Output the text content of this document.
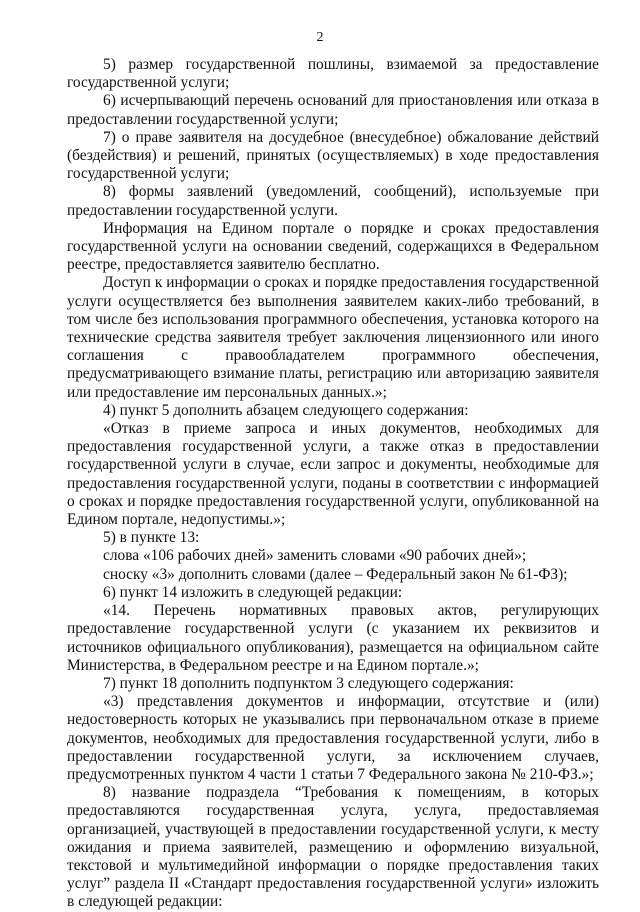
2

5) размер государственной пошлины, взимаемой за предоставление государственной услуги;

6) исчерпывающий перечень оснований для приостановления или отказа в предоставлении государственной услуги;

7) о праве заявителя на досудебное (внесудебное) обжалование действий (бездействия) и решений, принятых (осуществляемых) в ходе предоставления государственной услуги;

8) формы заявлений (уведомлений, сообщений), используемые при предоставлении государственной услуги.

Информация на Едином портале о порядке и сроках предоставления государственной услуги на основании сведений, содержащихся в Федеральном реестре, предоставляется заявителю бесплатно.

Доступ к информации о сроках и порядке предоставления государственной услуги осуществляется без выполнения заявителем каких-либо требований, в том числе без использования программного обеспечения, установка которого на технические средства заявителя требует заключения лицензионного или иного соглашения с правообладателем программного обеспечения, предусматривающего взимание платы, регистрацию или авторизацию заявителя или предоставление им персональных данных.»;

4) пункт 5 дополнить абзацем следующего содержания:

«Отказ в приеме запроса и иных документов, необходимых для предоставления государственной услуги, а также отказ в предоставлении государственной услуги в случае, если запрос и документы, необходимые для предоставления государственной услуги, поданы в соответствии с информацией о сроках и порядке предоставления государственной услуги, опубликованной на Едином портале, недопустимы.»;

5) в пункте 13:

слова «106 рабочих дней» заменить словами «90 рабочих дней»;

сноску «3» дополнить словами (далее – Федеральный закон № 61-ФЗ);

6) пункт 14 изложить в следующей редакции:

«14. Перечень нормативных правовых актов, регулирующих предоставление государственной услуги (с указанием их реквизитов и источников официального опубликования), размещается на официальном сайте Министерства, в Федеральном реестре и на Едином портале.»;

7) пункт 18 дополнить подпунктом 3 следующего содержания:

«3) представления документов и информации, отсутствие и (или) недостоверность которых не указывались при первоначальном отказе в приеме документов, необходимых для предоставления государственной услуги, либо в предоставлении государственной услуги, за исключением случаев, предусмотренных пунктом 4 части 1 статьи 7 Федерального закона № 210-ФЗ.»;

8) название подраздела “Требования к помещениям, в которых предоставляются государственная услуга, услуга, предоставляемая организацией, участвующей в предоставлении государственной услуги, к месту ожидания и приема заявителей, размещению и оформлению визуальной, текстовой и мультимедийной информации о порядке предоставления таких услуг” раздела II «Стандарт предоставления государственной услуги» изложить в следующей редакции:
